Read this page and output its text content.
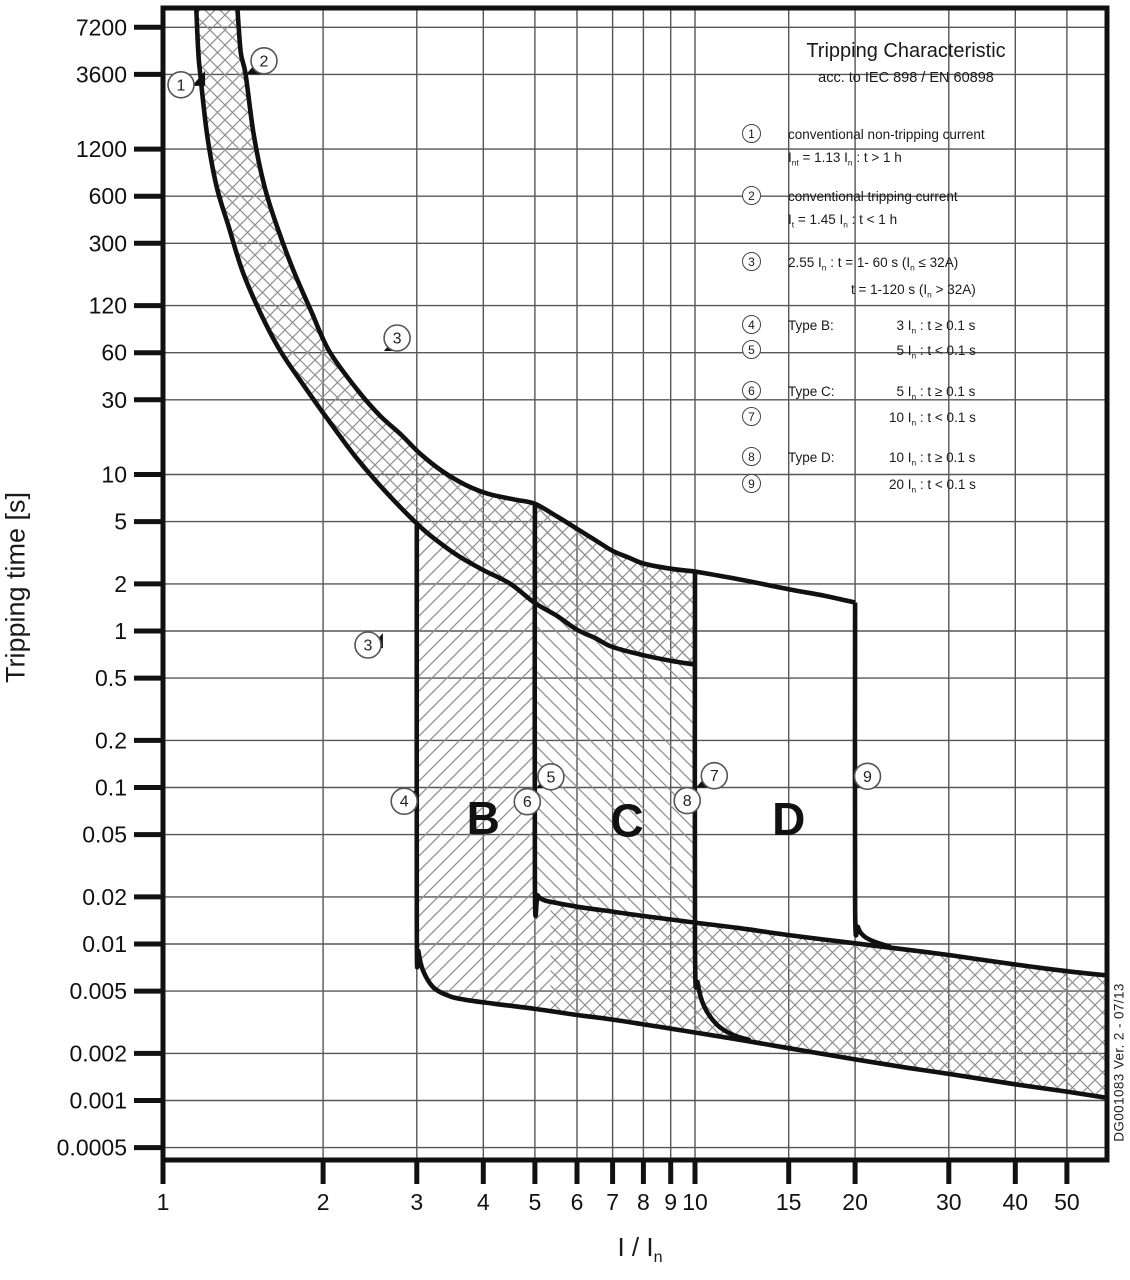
7200
3600
1200
600
300
120
60
30
10
5
2
1
0.5
0.2
0.1
0.05
0.02
0.01
0.005
0.002
0.001
0.0005
1	2	3 4 5 6 7 8 9 10	15 20	30 40 50
1
2
3
3
4
5
6
7
8
9
B C	D
Tripping time [s]
I / $I_n$
Tripping Characteristic
acc. to IEC 898 / EN 60898
1	conventional non-tripping current
$I_{nt} = 1.13$ $I_n$ : t > 1 h
2	conventional tripping current
$I_t = 1.45$ $I_n$ : t < 1 h
3	2.55 $I_n$ : t = 1- 60 s $(I_n \le 32A)$
t = 1-120 s $(I_n > 32A)$
4	Type B:	3 $I_n$ : t ≥ 0.1 s
5	5 $I_n$ : t < 0.1 s
6	Type C:	5 $I_n$ : t ≥ 0.1 s
7	10 $I_n$ : t < 0.1 s
8	Type D:	10 $I_n$ : t ≥ 0.1 s
9	20 $I_n$ : t < 0.1 s
DG001083 Ver. 2 - 07/13
